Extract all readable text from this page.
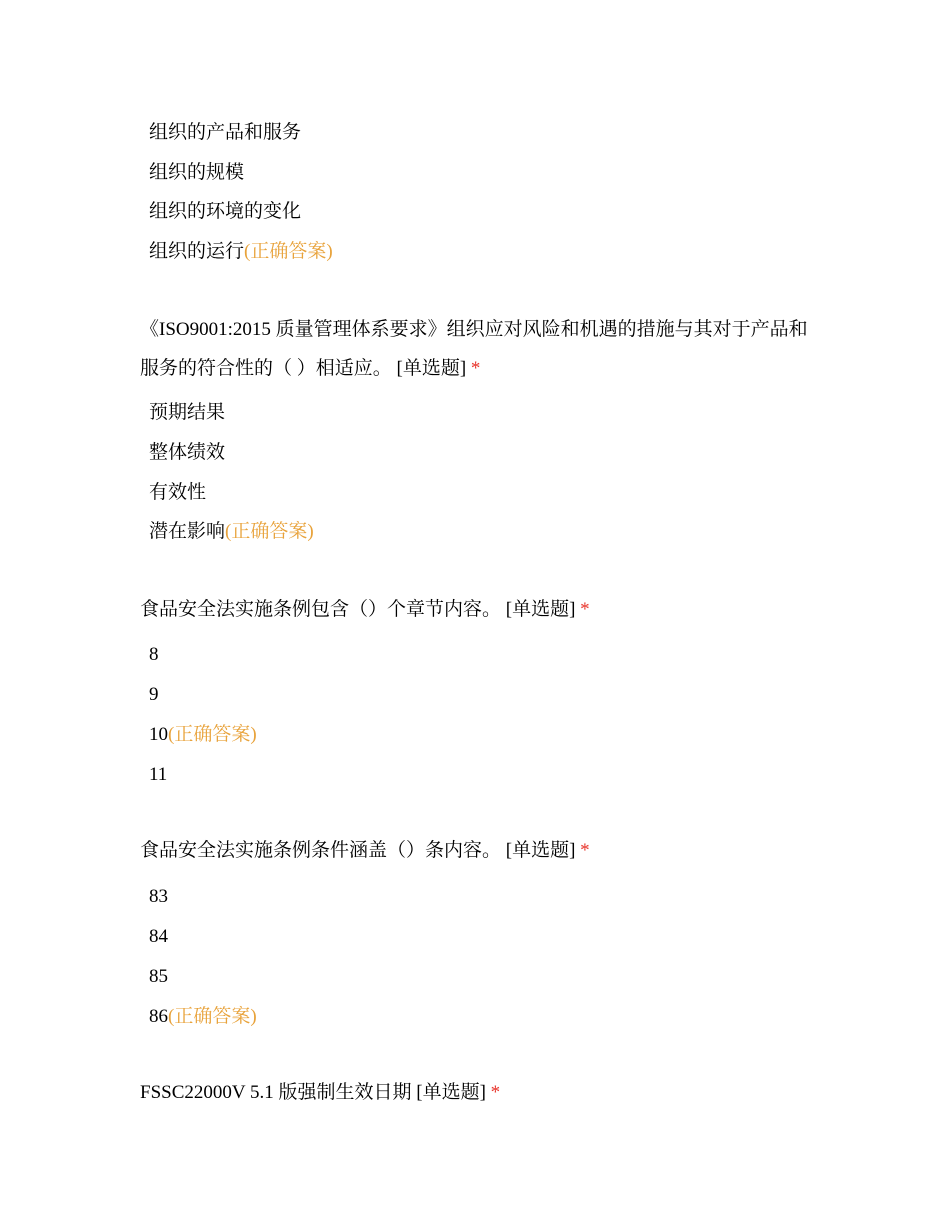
组织的产品和服务
组织的规模
组织的环境的变化
组织的运行(正确答案)
《ISO9001:2015 质量管理体系要求》组织应对风险和机遇的措施与其对于产品和服务的符合性的（ ）相适应。 [单选题] *
预期结果
整体绩效
有效性
潜在影响(正确答案)
食品安全法实施条例包含（）个章节内容。 [单选题] *
8
9
10(正确答案)
11
食品安全法实施条例条件涵盖（）条内容。 [单选题] *
83
84
85
86(正确答案)
FSSC22000V 5.1 版强制生效日期 [单选题] *
